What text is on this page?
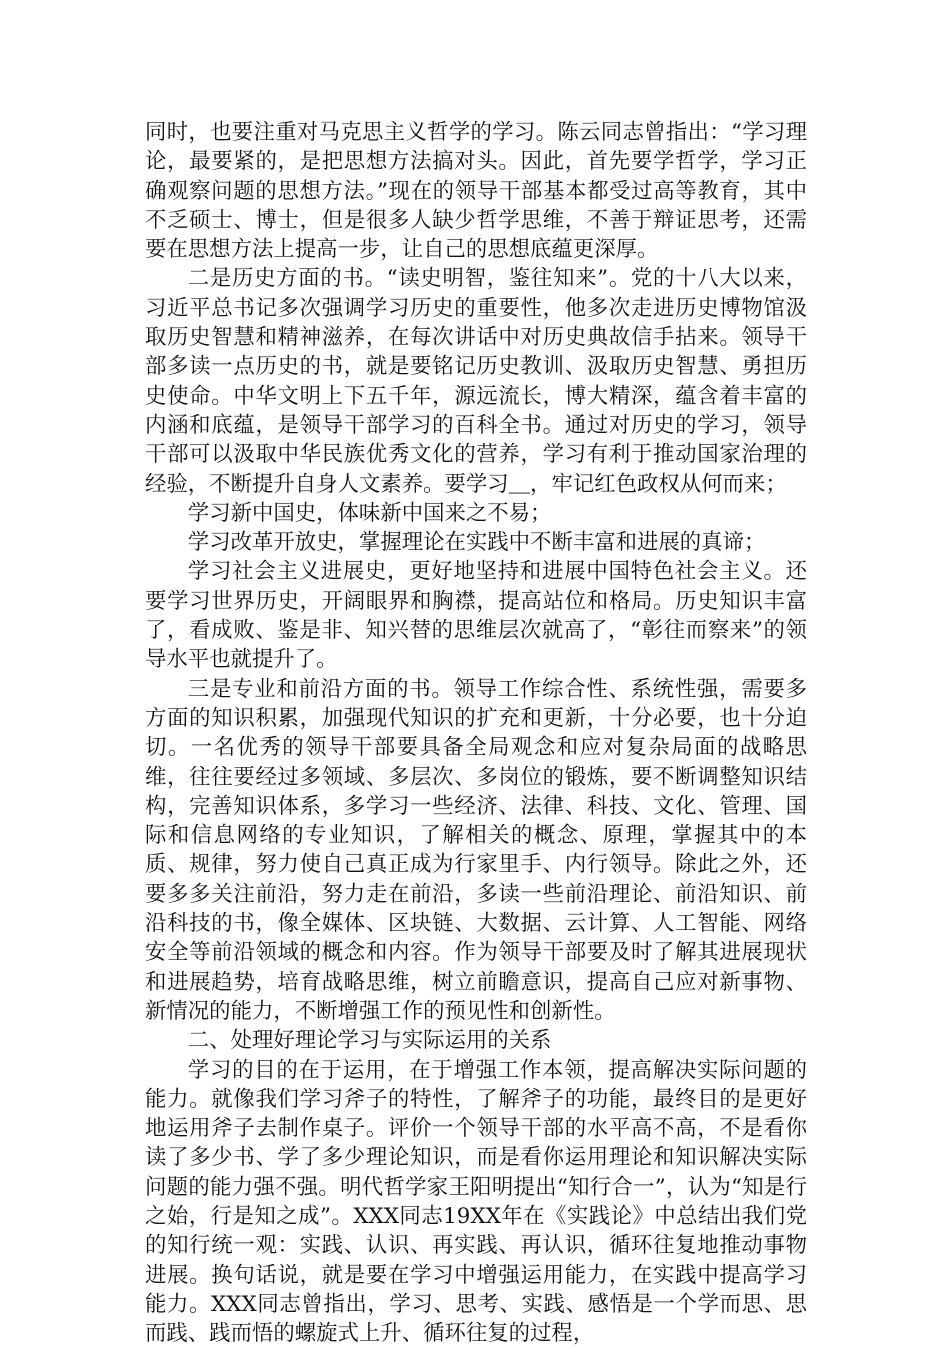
同时，也要注重对马克思主义哲学的学习。陈云同志曾指出：“学习理论，最要紧的，是把思想方法搞对头。因此，首先要学哲学，学习正确观察问题的思想方法。”现在的领导干部基本都受过高等教育，其中不乏硕士、博士，但是很多人缺少哲学思维，不善于辩证思考，还需要在思想方法上提高一步，让自己的思想底蕴更深厚。

二是历史方面的书。“读史明智，鉴往知来”。党的十八大以来，习近平总书记多次强调学习历史的重要性，他多次走进历史博物馆汲取历史智慧和精神滋养，在每次讲话中对历史典故信手拈来。领导干部多读一点历史的书，就是要铭记历史教训、汲取历史智慧、勇担历史使命。中华文明上下五千年，源远流长，博大精深，蕴含着丰富的内涵和底蕴，是领导干部学习的百科全书。通过对历史的学习，领导干部可以汲取中华民族优秀文化的营养，学习有利于推动国家治理的经验，不断提升自身人文素养。要学习＿，牢记红色政权从何而来；

学习新中国史，体味新中国来之不易；

学习改革开放史，掌握理论在实践中不断丰富和进展的真谛；

学习社会主义进展史，更好地坚持和进展中国特色社会主义。还要学习世界历史，开阔眼界和胸襟，提高站位和格局。历史知识丰富了，看成败、鉴是非、知兴替的思维层次就高了，“彰往而察来”的领导水平也就提升了。

三是专业和前沿方面的书。领导工作综合性、系统性强，需要多方面的知识积累，加强现代知识的扩充和更新，十分必要，也十分迫切。一名优秀的领导干部要具备全局观念和应对复杂局面的战略思维，往往要经过多领域、多层次、多岗位的锻炼，要不断调整知识结构，完善知识体系，多学习一些经济、法律、科技、文化、管理、国际和信息网络的专业知识，了解相关的概念、原理，掌握其中的本质、规律，努力使自己真正成为行家里手、内行领导。除此之外，还要多多关注前沿，努力走在前沿，多读一些前沿理论、前沿知识、前沿科技的书，像全媒体、区块链、大数据、云计算、人工智能、网络安全等前沿领域的概念和内容。作为领导干部要及时了解其进展现状和进展趋势，培育战略思维，树立前瞻意识，提高自己应对新事物、新情况的能力，不断增强工作的预见性和创新性。

二、处理好理论学习与实际运用的关系

学习的目的在于运用，在于增强工作本领，提高解决实际问题的能力。就像我们学习斧子的特性，了解斧子的功能，最终目的是更好地运用斧子去制作桌子。评价一个领导干部的水平高不高，不是看你读了多少书、学了多少理论知识，而是看你运用理论和知识解决实际问题的能力强不强。明代哲学家王阳明提出“知行合一”，认为“知是行之始，行是知之成”。XXX同志19XX年在《实践论》中总结出我们党的知行统一观：实践、认识、再实践、再认识，循环往复地推动事物进展。换句话说，就是要在学习中增强运用能力，在实践中提高学习能力。XXX同志曾指出，学习、思考、实践、感悟是一个学而思、思而践、践而悟的螺旋式上升、循环往复的过程，
